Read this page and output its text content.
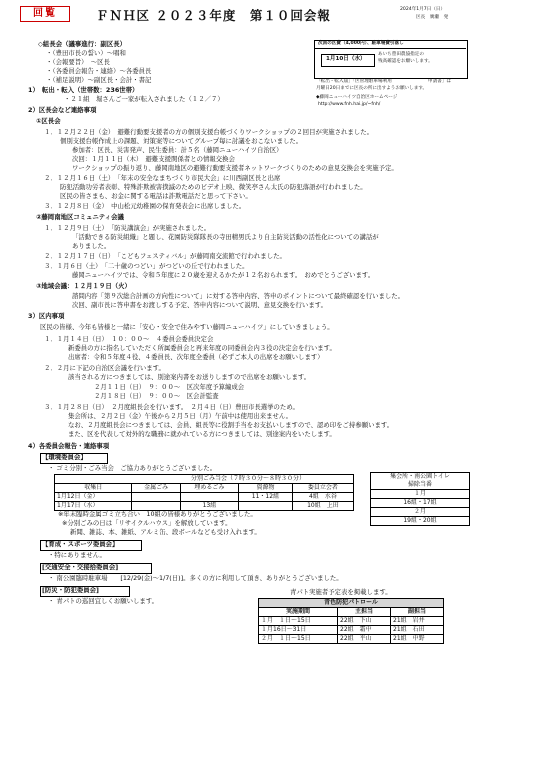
回覧	ＦＮＨ区 ２０２３年度　第１０回会報	2024年1月7日（日）
区長　廣瀬　発
次回の区費（4,000円）、駐車場費引落し
1月10日（水）
あいち豊田農協指定の
残高確認をお願いします。
「転出・転入届」「区管理駐車場利用	申請書」は
月曜日20日までに区長の所に出すようお願いします。
◆藤岡ニューハイツ自治区ホームページ
http://www.fnh.hai.jp/~fnh/
◇組長会（議事進行：副区長）
・（豊田市長の誓い）〜唱和
・（会報要旨）　〜区長
・（各委員会報告・連絡）〜各委員長
・（補足説明）〜副区長・会計・書記
1）　転出・転入（世帯数：236世帯）
・２１組　堀さんご一家が転入されました（１２／７）
2）区長会など連絡事項
①区長会
１．１２月２２日（金）　避難行動要支援者の方の個別支援台帳づくりワークショップの２回目が実施されました。
個別支援台帳作成上の課題、対策案等についてグループ毎に討議をおこないました。
参加者：区長、災害発声、民生委員：計５名（藤岡ニューハイツ自治区）
次回：１月１１日（木）　避難支援関係者との情報交換会
ワークショップの振り返り、藤岡南地区の避難行動要支援者ネットワークづくりのための意見交換会を実施予定。
２．１２月１６日（土）　「年末の安全なまちづくり市民大会」に川西副区長と出席
防犯活動功労者表彰、特殊詐欺被害撲滅のためのビデオ上映、微笑亭さん太氏の防犯落語が行われました。
区民の皆さまも、お金に関する電話は詐欺電話だと思って下さい。
３．１２月８日（金）　中山松元幼稚園の保育発表会に出席しました。
②藤岡南地区コミュニティ会議
１．１２月９日（土）　「防災講演会」が実施されました。
「活動できる防災組織」と題し、花園防災隊隊長の寺田精男氏より自主防災活動の活性化についての講話が
ありました。
２．１２月１７日（日）　「こどもフェスティバル」が藤岡南交流館で行われました。
３．１月６日（土）　「二十歳のつどい」がつどいの丘で行われました。
藤岡ニューハイツでは、令和５年度に２０歳を迎えるかたが１２名おられます。　おめでとうございます。
③地域会議：１２月１９日（火）
諮問内容「第９次総合計画の方向性について」に対する答申内容、答申のポイントについて最終確認を行いました。
次回、副市長に答申書をお渡しする予定、答申内容について説明、意見交換を行います。
3）区内事項
区民の皆様、今年も皆様と一緒に「安心・安全で住みやすい藤岡ニューハイツ」にしていきましょう。
１．１月１４日（日）　１０：００〜　４委員会委員決定会
新委員の方に指名していただく所属委員会と再来年度の同委員会内３役の決定会を行います。
出席者：令和５年度４役、４委員長、次年度全委員（必ずご本人の出席をお願いします）
２．２月に下記の自治区会議を行います。
該当される方につきましては、別途案内書をお送りしますので出席をお願いします。
２月１１日（日）　９：００〜　区次年度予算編成会
２月１８日（日）　９：００〜　区会計監査
３．１月２８日（日）　２月度組長会を行います。　２月４日（日）豊田市長選挙のため。
集会所は、２月２日（金）午後から２月５日（月）午前中は使用出来ません。
なお、２月度組長会につきましては、会員、組長等に役割手当をお支払いしますので、認め印をご持参願います。
また、区を代表して対外的な職務に就かれている方につきましては、別途案内をいたします。
4）各委員会報告・連絡事項
【環境委員会】
・ ゴミ分別・ごみ当会　ご協力ありがとうございました。
分別ごみ当会（７時３０分〜８時３０分）				
収集日	金属ごみ	埋めるごみ	資源物	委員立会者
1月12日（金）			11・12組	4組　水谷
1月17日（水）		13組		10組　上田
※年末臨時金属ゴミ立ち合い　10組の皆様ありがとうございました。
※分別ごみの日は「リサイクルハウス」を解放しています。
新聞、雑誌、本、雑紙、アルミ缶、段ボールなども受け入れます。
集会所・南公園トイレ
掃除当番
１月
16組・17組
２月
19組・20組
【育成・スポーツ委員会】
・特にありません。
[交通安全・交接拾委員会]
・ 南公園臨時駐車場　　[12/29(金)〜1/7(日)]。多くの方に利用して頂き、ありがとうございました。
[防災・防犯委員会]
・ 青パトの巡回宜しくお願いします。
青パト実施者予定表を掲載します。
青色防犯パトロール		
実施期間	主担当	副担当
１月　１日〜15日	22組　下山	21組　岩井
１月16日〜31日	22組　霜中	21組　石田
２月　１日〜15日	22組　平山	21組　中野
